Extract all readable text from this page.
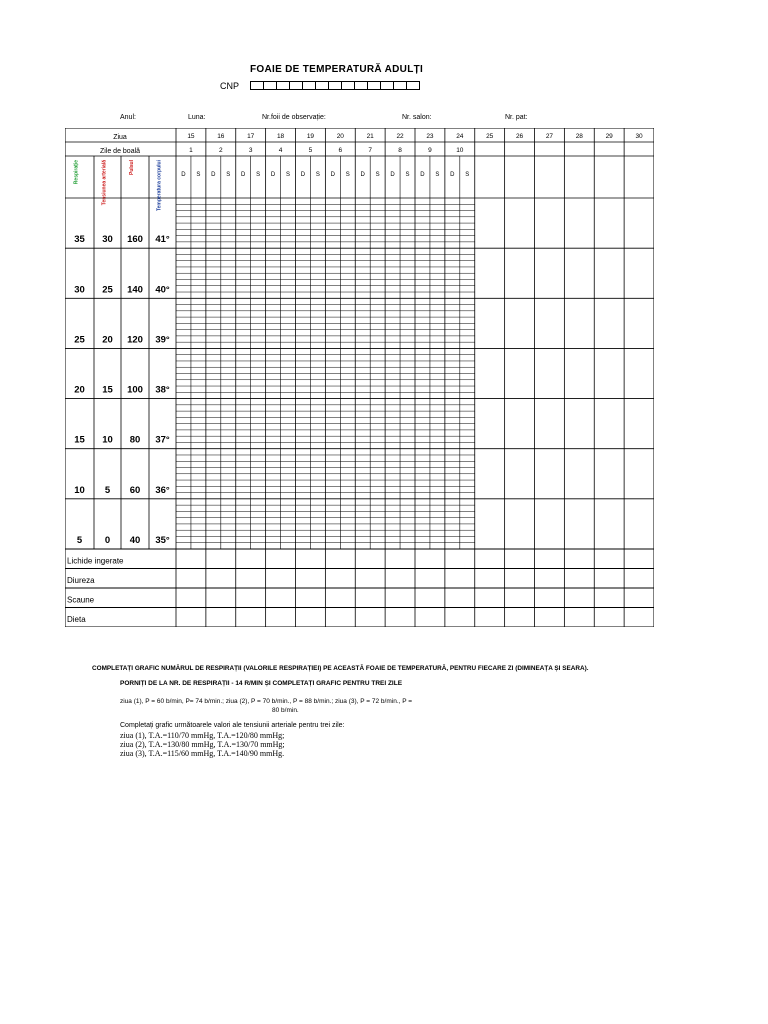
FOAIE DE TEMPERATURĂ ADULȚI
CNP
Anul:	Luna:	Nr.foii de observație:	Nr. salon:	Nr. pat:
15	16	17	18	19	20	21	22	23	24	25	26	27	28	29	30
Ziua
1	2	3	4	5	6	7	8	9	10
Zile de boală
Respirație	Tensiunea arterială	Pulsul	Temperatura corpului	D S D S D S D S D S D S D S D S D S D S
35 30 160 41°
30 25 140 40°
25 20 120 39°
20 15 100 38°
15 10 80 37°
10 5 60 36°
5 0 40 35°
Lichide ingerate
Diureza
Scaune
Dieta
COMPLETAȚI GRAFIC NUMĂRUL DE RESPIRAȚII (VALORILE RESPIRAȚIEI) PE ACEASTĂ FOAIE DE TEMPERATURĂ, PENTRU FIECARE ZI (DIMINEAȚA ȘI SEARA).
PORNIȚI DE LA NR. DE RESPIRAȚII - 14 R/MIN ȘI COMPLETAȚI GRAFIC PENTRU TREI ZILE
ziua (1), P = 60 b/min, P= 74 b/min.; ziua (2), P = 70 b/min., P = 88 b/min.; ziua (3), P = 72 b/min., P =
80 b/min.
Completați grafic următoarele valori ale tensiunii arteriale pentru trei zile:
ziua (1), T.A.=110/70 mmHg, T.A.=120/80 mmHg;
ziua (2), T.A.=130/80 mmHg, T.A.=130/70 mmHg;
ziua (3), T.A.=115/60 mmHg, T.A.=140/90 mmHg.
